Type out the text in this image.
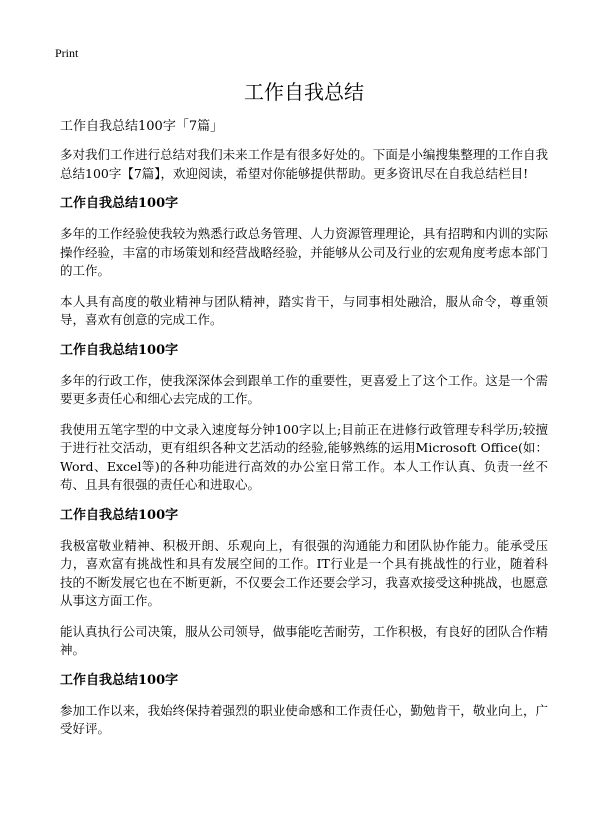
Print
工作自我总结
工作自我总结100字「7篇」

多对我们工作进行总结对我们未来工作是有很多好处的。下面是小编搜集整理的工作自我总结100字【7篇】，欢迎阅读，希望对你能够提供帮助。更多资讯尽在自我总结栏目!

工作自我总结100字

多年的工作经验使我较为熟悉行政总务管理、人力资源管理理论，具有招聘和内训的实际操作经验，丰富的市场策划和经营战略经验，并能够从公司及行业的宏观角度考虑本部门的工作。

本人具有高度的敬业精神与团队精神，踏实肯干，与同事相处融洽，服从命令，尊重领导，喜欢有创意的完成工作。

工作自我总结100字

多年的行政工作，使我深深体会到跟单工作的重要性，更喜爱上了这个工作。这是一个需要更多责任心和细心去完成的工作。

我使用五笔字型的中文录入速度每分钟100字以上;目前正在进修行政管理专科学历;较擅于进行社交活动，更有组织各种文艺活动的经验,能够熟练的运用Microsoft Office(如：Word、Excel等)的各种功能进行高效的办公室日常工作。本人工作认真、负责一丝不苟、且具有很强的责任心和进取心。

工作自我总结100字

我极富敬业精神、积极开朗、乐观向上，有很强的沟通能力和团队协作能力。能承受压力，喜欢富有挑战性和具有发展空间的工作。IT行业是一个具有挑战性的行业，随着科技的不断发展它也在不断更新，不仅要会工作还要会学习，我喜欢接受这种挑战，也愿意从事这方面工作。

能认真执行公司决策，服从公司领导，做事能吃苦耐劳，工作积极，有良好的团队合作精神。

工作自我总结100字

参加工作以来，我始终保持着强烈的职业使命感和工作责任心，勤勉肯干，敬业向上，广受好评。
